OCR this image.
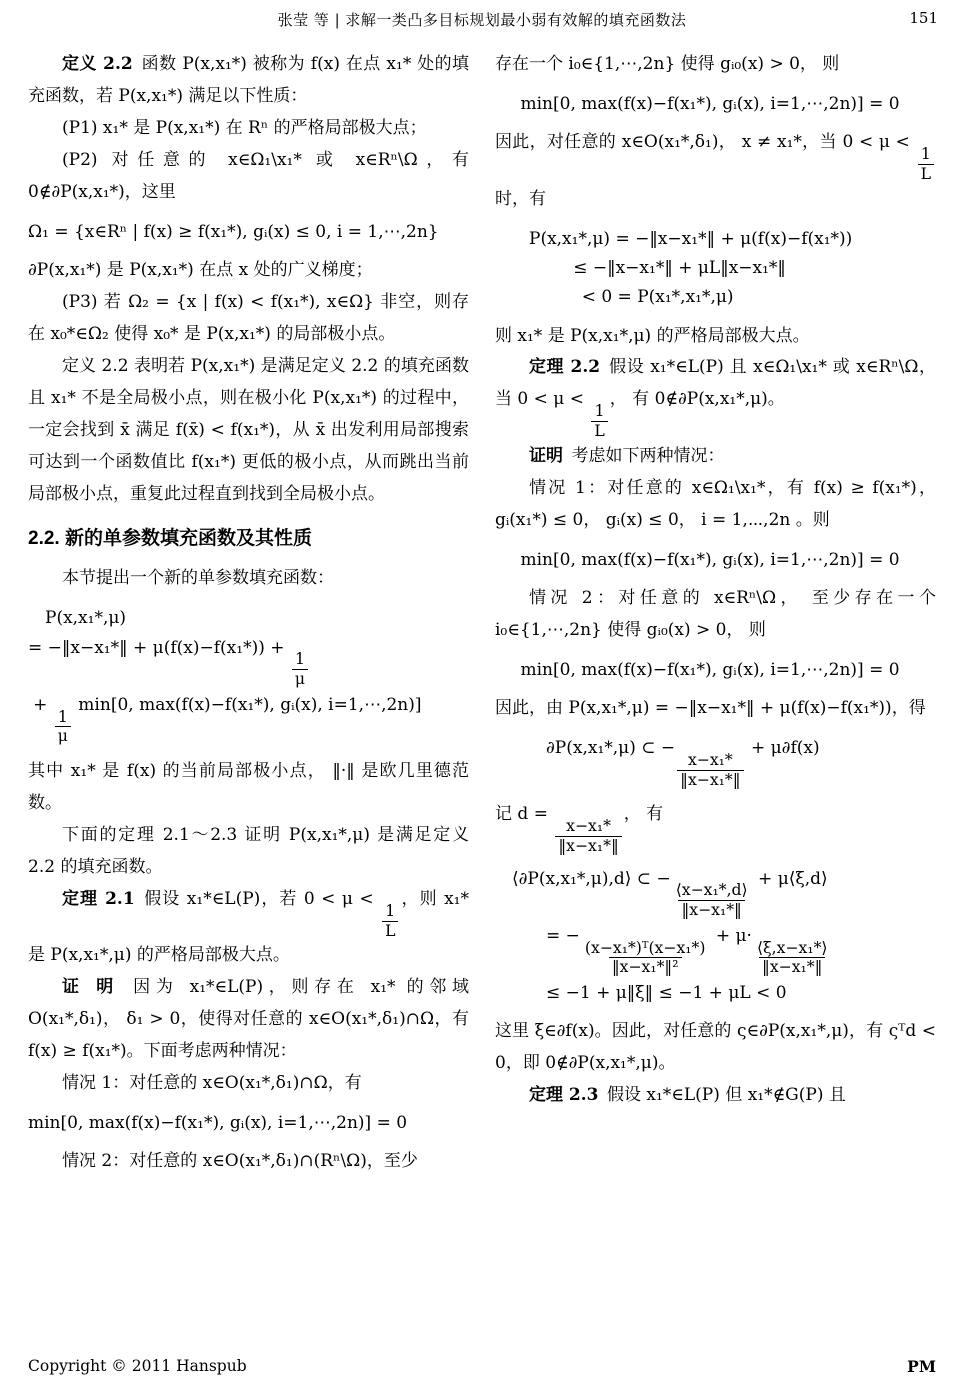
张莹 等 | 求解一类凸多目标规划最小弱有效解的填充函数法	151

定义 2.2 函数 P(x,x₁*) 被称为 f(x) 在点 x₁* 处的填充函数，若 P(x,x₁*) 满足以下性质：

(P1) x₁* 是 P(x,x₁*) 在 Rⁿ 的严格局部极大点；

(P2) 对任意的 x∈Ω₁\x₁* 或 x∈Rⁿ\Ω，有 0∉∂P(x,x₁*)，这里

Ω₁ = {x∈Rⁿ | f(x) ≥ f(x₁*), gᵢ(x) ≤ 0, i = 1,⋯,2n}

∂P(x,x₁*) 是 P(x,x₁*) 在点 x 处的广义梯度；

(P3) 若 Ω₂ = {x | f(x) < f(x₁*), x∈Ω} 非空，则存在 x₀*∈Ω₂ 使得 x₀* 是 P(x,x₁*) 的局部极小点。

定义 2.2 表明若 P(x,x₁*) 是满足定义 2.2 的填充函数且 x₁* 不是全局极小点，则在极小化 P(x,x₁*) 的过程中，一定会找到 x̄ 满足 f(x̄) < f(x₁*)，从 x̄ 出发利用局部搜索可达到一个函数值比 f(x₁*) 更低的极小点，从而跳出当前局部极小点，重复此过程直到找到全局极小点。

2.2. 新的单参数填充函数及其性质

本节提出一个新的单参数填充函数：

P(x,x₁*,μ)
= −‖x−x₁*‖ + μ(f(x)−f(x₁*)) +
$\frac{1}{\mu}$
+
$\frac{1}{\mu}$
min[0, max(f(x)−f(x₁*), gᵢ(x), i=1,⋯,2n)]

其中 x₁* 是 f(x) 的当前局部极小点， ‖·‖ 是欧几里德范数。

下面的定理 2.1～2.3 证明 P(x,x₁*,μ) 是满足定义 2.2 的填充函数。

定理 2.1 假设 x₁*∈L(P)，若 0 < μ <
$\frac{1}{L}$
，则 x₁* 是 P(x,x₁*,μ) 的严格局部极大点。

证 明 因为 x₁*∈L(P)，则存在 x₁* 的邻域 O(x₁*,δ₁)， δ₁ > 0，使得对任意的 x∈O(x₁*,δ₁)∩Ω，有 f(x) ≥ f(x₁*)。下面考虑两种情况：

情况 1：对任意的 x∈O(x₁*,δ₁)∩Ω，有

min[0, max(f(x)−f(x₁*), gᵢ(x), i=1,⋯,2n)] = 0

情况 2：对任意的 x∈O(x₁*,δ₁)∩(Rⁿ\Ω)，至少

存在一个 i₀∈{1,⋯,2n} 使得 gᵢ₀(x) > 0， 则

min[0, max(f(x)−f(x₁*), gᵢ(x), i=1,⋯,2n)] = 0

因此，对任意的 x∈O(x₁*,δ₁)， x ≠ x₁*，当 0 < μ <
$\frac{1}{L}$
时，有

P(x,x₁*,μ) = −‖x−x₁*‖ + μ(f(x)−f(x₁*))
≤ −‖x−x₁*‖ + μL‖x−x₁*‖
< 0 = P(x₁*,x₁*,μ)

则 x₁* 是 P(x,x₁*,μ) 的严格局部极大点。

定理 2.2 假设 x₁*∈L(P) 且 x∈Ω₁\x₁* 或 x∈Rⁿ\Ω， 当 0 < μ <
$\frac{1}{L}$
， 有 0∉∂P(x,x₁*,μ)。

证明 考虑如下两种情况：

情况 1：对任意的 x∈Ω₁\x₁*，有 f(x) ≥ f(x₁*)， gᵢ(x₁*) ≤ 0， gᵢ(x) ≤ 0， i = 1,⋯,2n 。则

min[0, max(f(x)−f(x₁*), gᵢ(x), i=1,⋯,2n)] = 0

情况 2：对任意的 x∈Rⁿ\Ω， 至少存在一个 i₀∈{1,⋯,2n} 使得 gᵢ₀(x) > 0， 则

min[0, max(f(x)−f(x₁*), gᵢ(x), i=1,⋯,2n)] = 0

因此，由 P(x,x₁*,μ) = −‖x−x₁*‖ + μ(f(x)−f(x₁*))，得

∂P(x,x₁*,μ) ⊂ −
$\frac{\text{x−x₁*}}{\text{‖x−x₁*‖}}$
+ μ∂f(x)

记 d =
$\frac{\text{x−x₁*}}{\text{‖x−x₁*‖}}$
， 有

⟨∂P(x,x₁*,μ),d⟩ ⊂ −
$\frac{\text{⟨x−x₁*,d⟩}}{\text{‖x−x₁*‖}}$
+ μ⟨ξ,d⟩
= −
$\frac{\text{(x−x₁*)ᵀ(x−x₁*)}}{\text{‖x−x₁*‖²}}$
+ μ·
$\frac{\text{⟨ξ,x−x₁*⟩}}{\text{‖x−x₁*‖}}$
≤ −1 + μ‖ξ‖ ≤ −1 + μL < 0

这里 ξ∈∂f(x)。因此，对任意的 ς∈∂P(x,x₁*,μ)，有 ςᵀd < 0，即 0∉∂P(x,x₁*,μ)。

定理 2.3 假设 x₁*∈L(P) 但 x₁*∉G(P) 且

Copyright © 2011 Hanspub	PM
